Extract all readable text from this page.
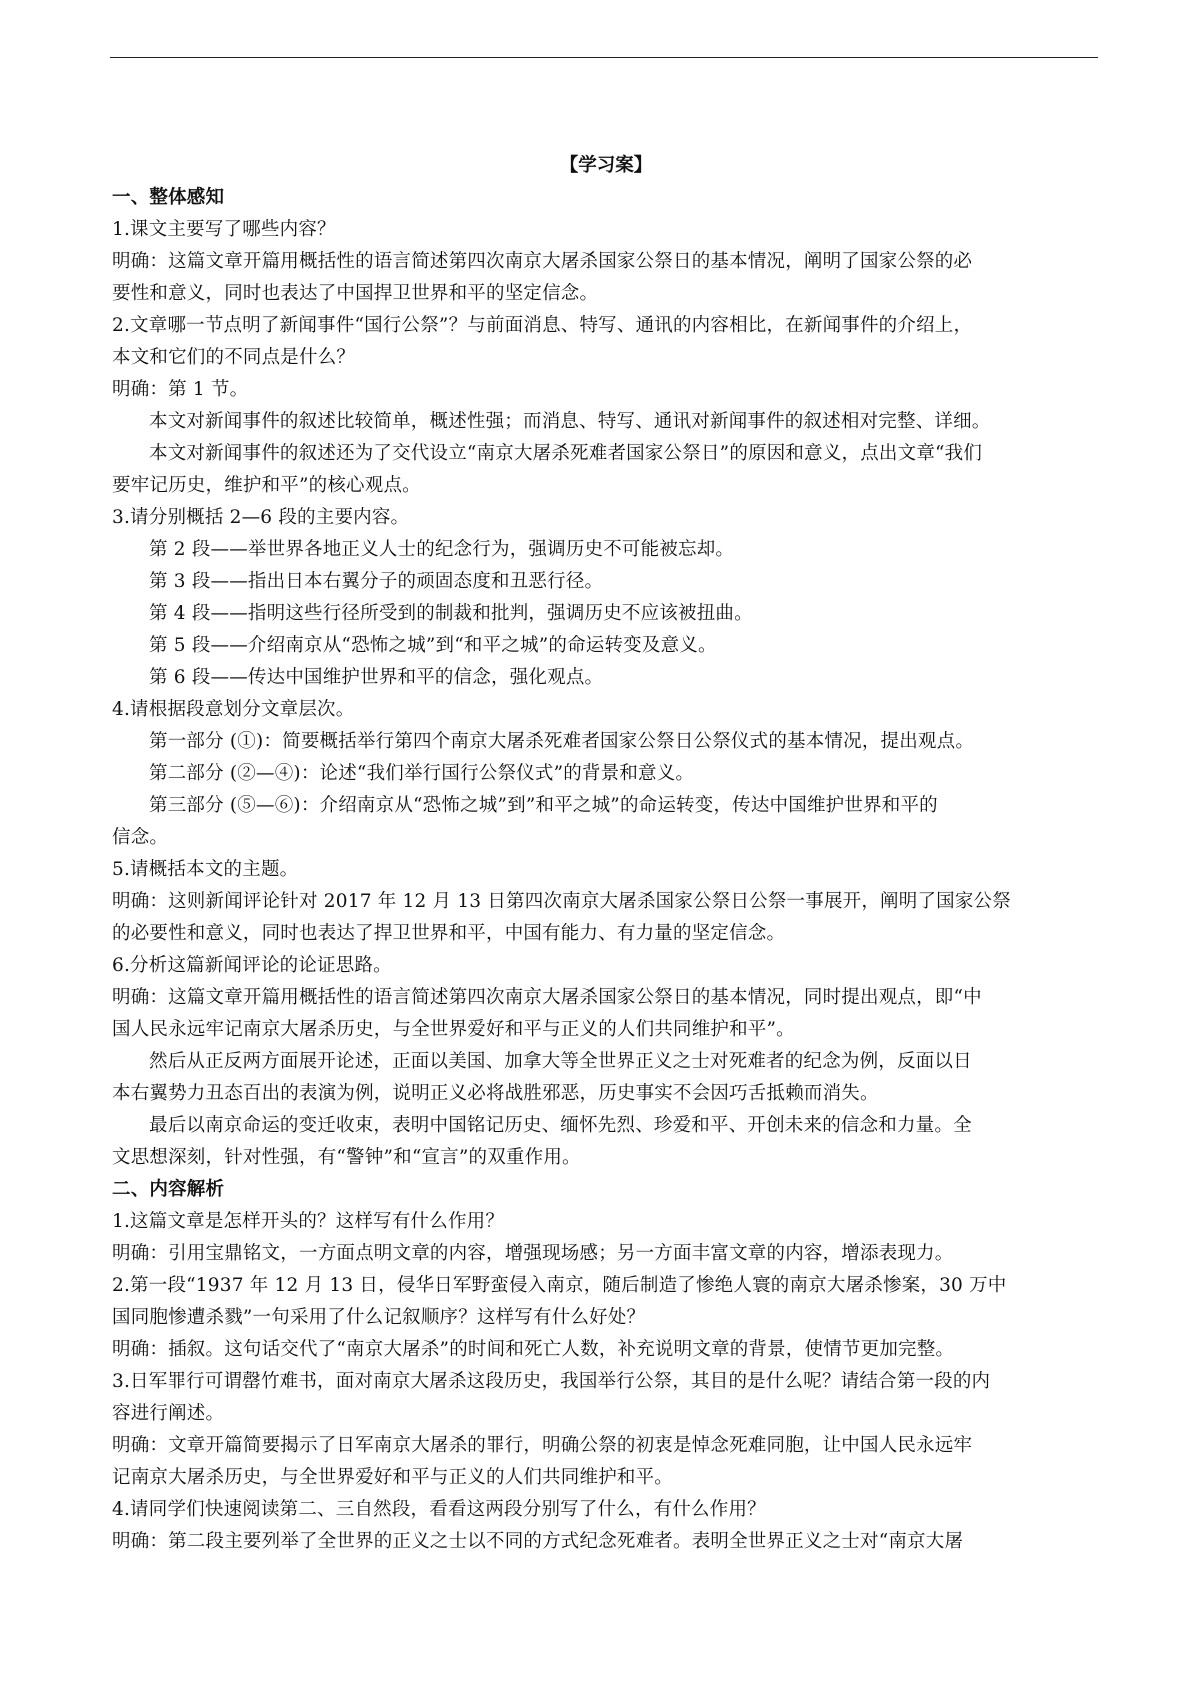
【学习案】
一、整体感知
1.课文主要写了哪些内容？
明确：这篇文章开篇用概括性的语言简述第四次南京大屠杀国家公祭日的基本情况，阐明了国家公祭的必
要性和意义，同时也表达了中国捍卫世界和平的坚定信念。
2.文章哪一节点明了新闻事件“国行公祭”？与前面消息、特写、通讯的内容相比，在新闻事件的介绍上，
本文和它们的不同点是什么？
明确：第 1 节。
本文对新闻事件的叙述比较简单，概述性强；而消息、特写、通讯对新闻事件的叙述相对完整、详细。
本文对新闻事件的叙述还为了交代设立“南京大屠杀死难者国家公祭日”的原因和意义，点出文章“我们
要牢记历史，维护和平”的核心观点。
3.请分别概括 2—6 段的主要内容。
第 2 段——举世界各地正义人士的纪念行为，强调历史不可能被忘却。
第 3 段——指出日本右翼分子的顽固态度和丑恶行径。
第 4 段——指明这些行径所受到的制裁和批判，强调历史不应该被扭曲。
第 5 段——介绍南京从“恐怖之城”到“和平之城”的命运转变及意义。
第 6 段——传达中国维护世界和平的信念，强化观点。
4.请根据段意划分文章层次。
第一部分 (①)：简要概括举行第四个南京大屠杀死难者国家公祭日公祭仪式的基本情况，提出观点。
第二部分 (②—④)：论述“我们举行国行公祭仪式”的背景和意义。
第三部分 (⑤—⑥)：介绍南京从“恐怖之城”到”和平之城”的命运转变，传达中国维护世界和平的
信念。
5.请概括本文的主题。
明确：这则新闻评论针对 2017 年 12 月 13 日第四次南京大屠杀国家公祭日公祭一事展开，阐明了国家公祭
的必要性和意义，同时也表达了捍卫世界和平，中国有能力、有力量的坚定信念。
6.分析这篇新闻评论的论证思路。
明确：这篇文章开篇用概括性的语言简述第四次南京大屠杀国家公祭日的基本情况，同时提出观点，即“中
国人民永远牢记南京大屠杀历史，与全世界爱好和平与正义的人们共同维护和平”。
然后从正反两方面展开论述，正面以美国、加拿大等全世界正义之士对死难者的纪念为例，反面以日
本右翼势力丑态百出的表演为例，说明正义必将战胜邪恶，历史事实不会因巧舌抵赖而消失。
最后以南京命运的变迁收束，表明中国铭记历史、缅怀先烈、珍爱和平、开创未来的信念和力量。全
文思想深刻，针对性强，有“警钟”和“宣言”的双重作用。
二、内容解析
1.这篇文章是怎样开头的？这样写有什么作用？
明确：引用宝鼎铭文，一方面点明文章的内容，增强现场感；另一方面丰富文章的内容，增添表现力。
2.第一段“1937 年 12 月 13 日，侵华日军野蛮侵入南京，随后制造了惨绝人寰的南京大屠杀惨案，30 万中
国同胞惨遭杀戮”一句采用了什么记叙顺序？这样写有什么好处？
明确：插叙。这句话交代了“南京大屠杀”的时间和死亡人数，补充说明文章的背景，使情节更加完整。
3.日军罪行可谓罄竹难书，面对南京大屠杀这段历史，我国举行公祭，其目的是什么呢？请结合第一段的内
容进行阐述。
明确：文章开篇简要揭示了日军南京大屠杀的罪行，明确公祭的初衷是悼念死难同胞，让中国人民永远牢
记南京大屠杀历史，与全世界爱好和平与正义的人们共同维护和平。
4.请同学们快速阅读第二、三自然段，看看这两段分别写了什么，有什么作用？
明确：第二段主要列举了全世界的正义之士以不同的方式纪念死难者。表明全世界正义之士对“南京大屠
